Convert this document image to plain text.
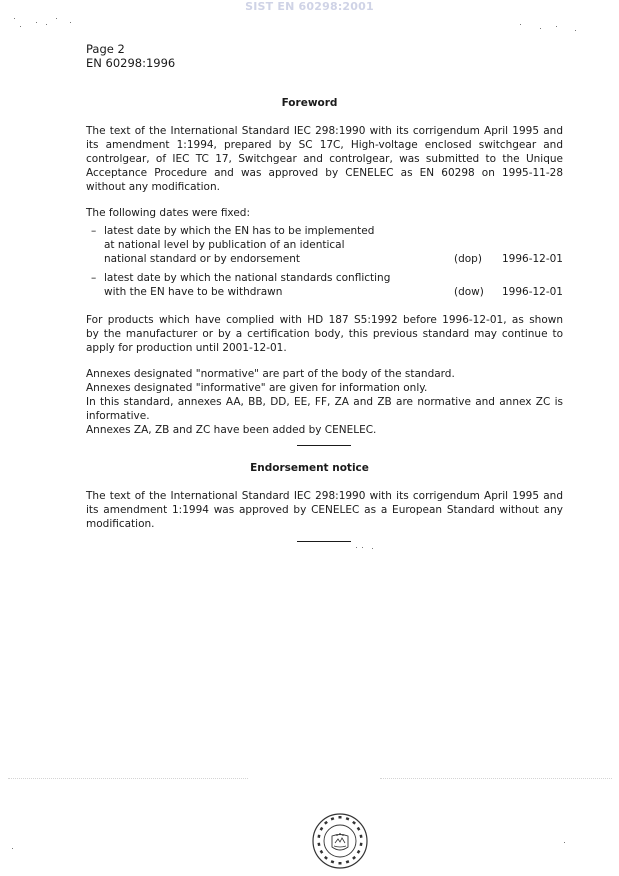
SIST EN 60298:2001
Page 2
EN 60298:1996
Foreword
The text of the International Standard IEC 298:1990 with its corrigendum April 1995 and
its amendment 1:1994, prepared by SC 17C, High-voltage enclosed switchgear and
controlgear, of IEC TC 17, Switchgear and controlgear, was submitted to the Unique
Acceptance Procedure and was approved by CENELEC as EN 60298 on 1995-11-28
without any modification.
The following dates were fixed:
– latest date by which the EN has to be implemented
at national level by publication of an identical
national standard or by endorsement	(dop)	1996-12-01
– latest date by which the national standards conflicting
with the EN have to be withdrawn	(dow)	1996-12-01
For products which have complied with HD 187 S5:1992 before 1996-12-01, as shown
by the manufacturer or by a certification body, this previous standard may continue to
apply for production until 2001-12-01.
Annexes designated "normative" are part of the body of the standard.
Annexes designated "informative" are given for information only.
In this standard, annexes AA, BB, DD, EE, FF, ZA and ZB are normative and annex ZC is
informative.
Annexes ZA, ZB and ZC have been added by CENELEC.
Endorsement notice
The text of the International Standard IEC 298:1990 with its corrigendum April 1995 and
its amendment 1:1994 was approved by CENELEC as a European Standard without any
modification.
